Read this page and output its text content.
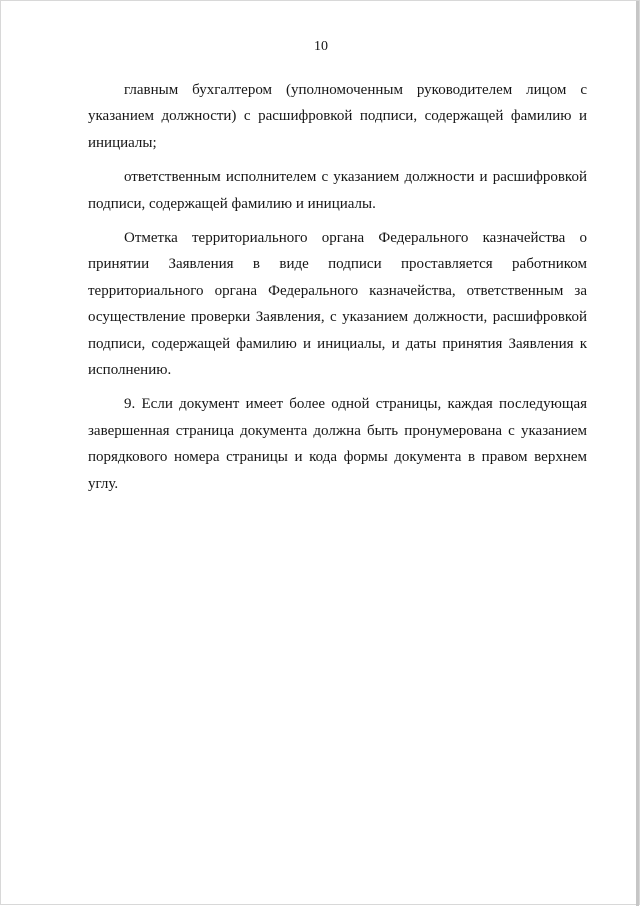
10

главным бухгалтером (уполномоченным руководителем лицом с указанием должности) с расшифровкой подписи, содержащей фамилию и инициалы;

ответственным исполнителем с указанием должности и расшифровкой подписи, содержащей фамилию и инициалы.

Отметка территориального органа Федерального казначейства о принятии Заявления в виде подписи проставляется работником территориального органа Федерального казначейства, ответственным за осуществление проверки Заявления, с указанием должности, расшифровкой подписи, содержащей фамилию и инициалы, и даты принятия Заявления к исполнению.

9. Если документ имеет более одной страницы, каждая последующая завершенная страница документа должна быть пронумерована с указанием порядкового номера страницы и кода формы документа в правом верхнем углу.
